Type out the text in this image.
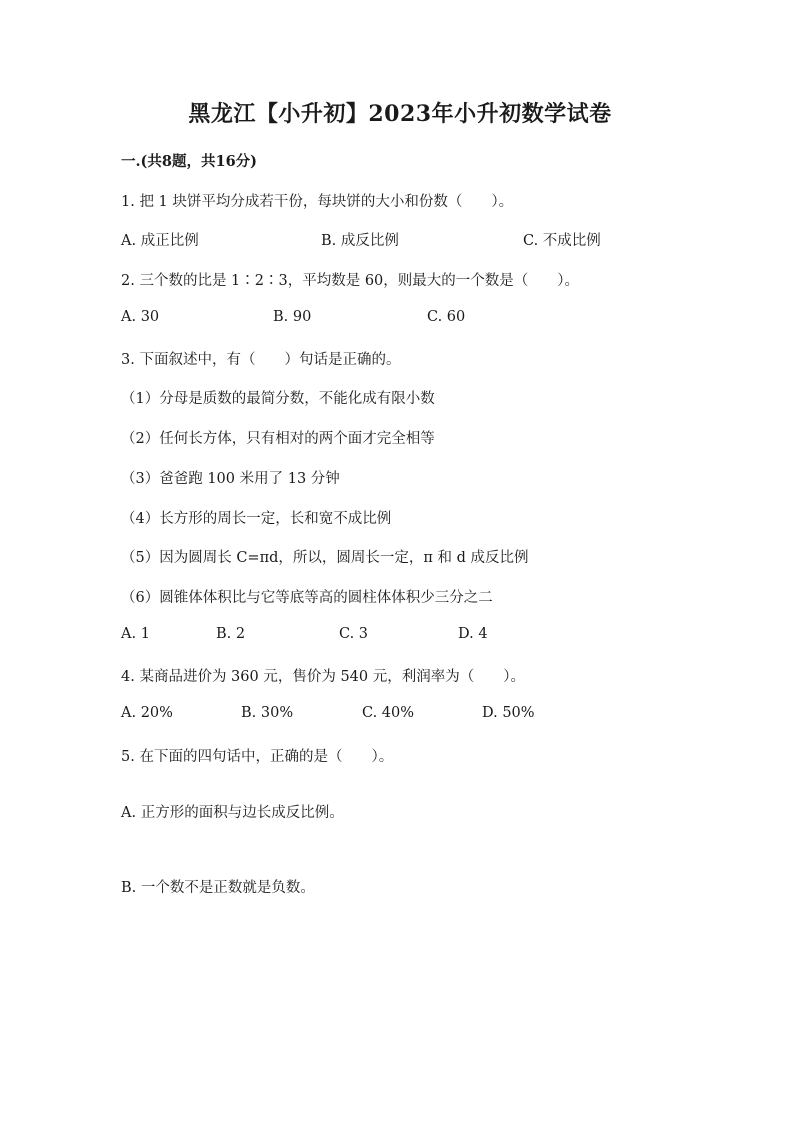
黑龙江【小升初】2023年小升初数学试卷
一.(共8题，共16分)
1. 把 1 块饼平均分成若干份，每块饼的大小和份数（　　）。
A. 成正比例	B. 成反比例	C. 不成比例
2. 三个数的比是 1∶2∶3，平均数是 60，则最大的一个数是（　　）。
A. 30	B. 90	C. 60
3. 下面叙述中，有（　　）句话是正确的。
（1）分母是质数的最简分数，不能化成有限小数
（2）任何长方体，只有相对的两个面才完全相等
（3）爸爸跑 100 米用了 13 分钟
（4）长方形的周长一定，长和宽不成比例
（5）因为圆周长 C=πd，所以，圆周长一定，π 和 d 成反比例
（6）圆锥体体积比与它等底等高的圆柱体体积少三分之二
A. 1	B. 2	C. 3	D. 4
4. 某商品进价为 360 元，售价为 540 元，利润率为（　　）。
A. 20%	B. 30%	C. 40%	D. 50%
5. 在下面的四句话中，正确的是（　　）。
A. 正方形的面积与边长成反比例。
B. 一个数不是正数就是负数。
